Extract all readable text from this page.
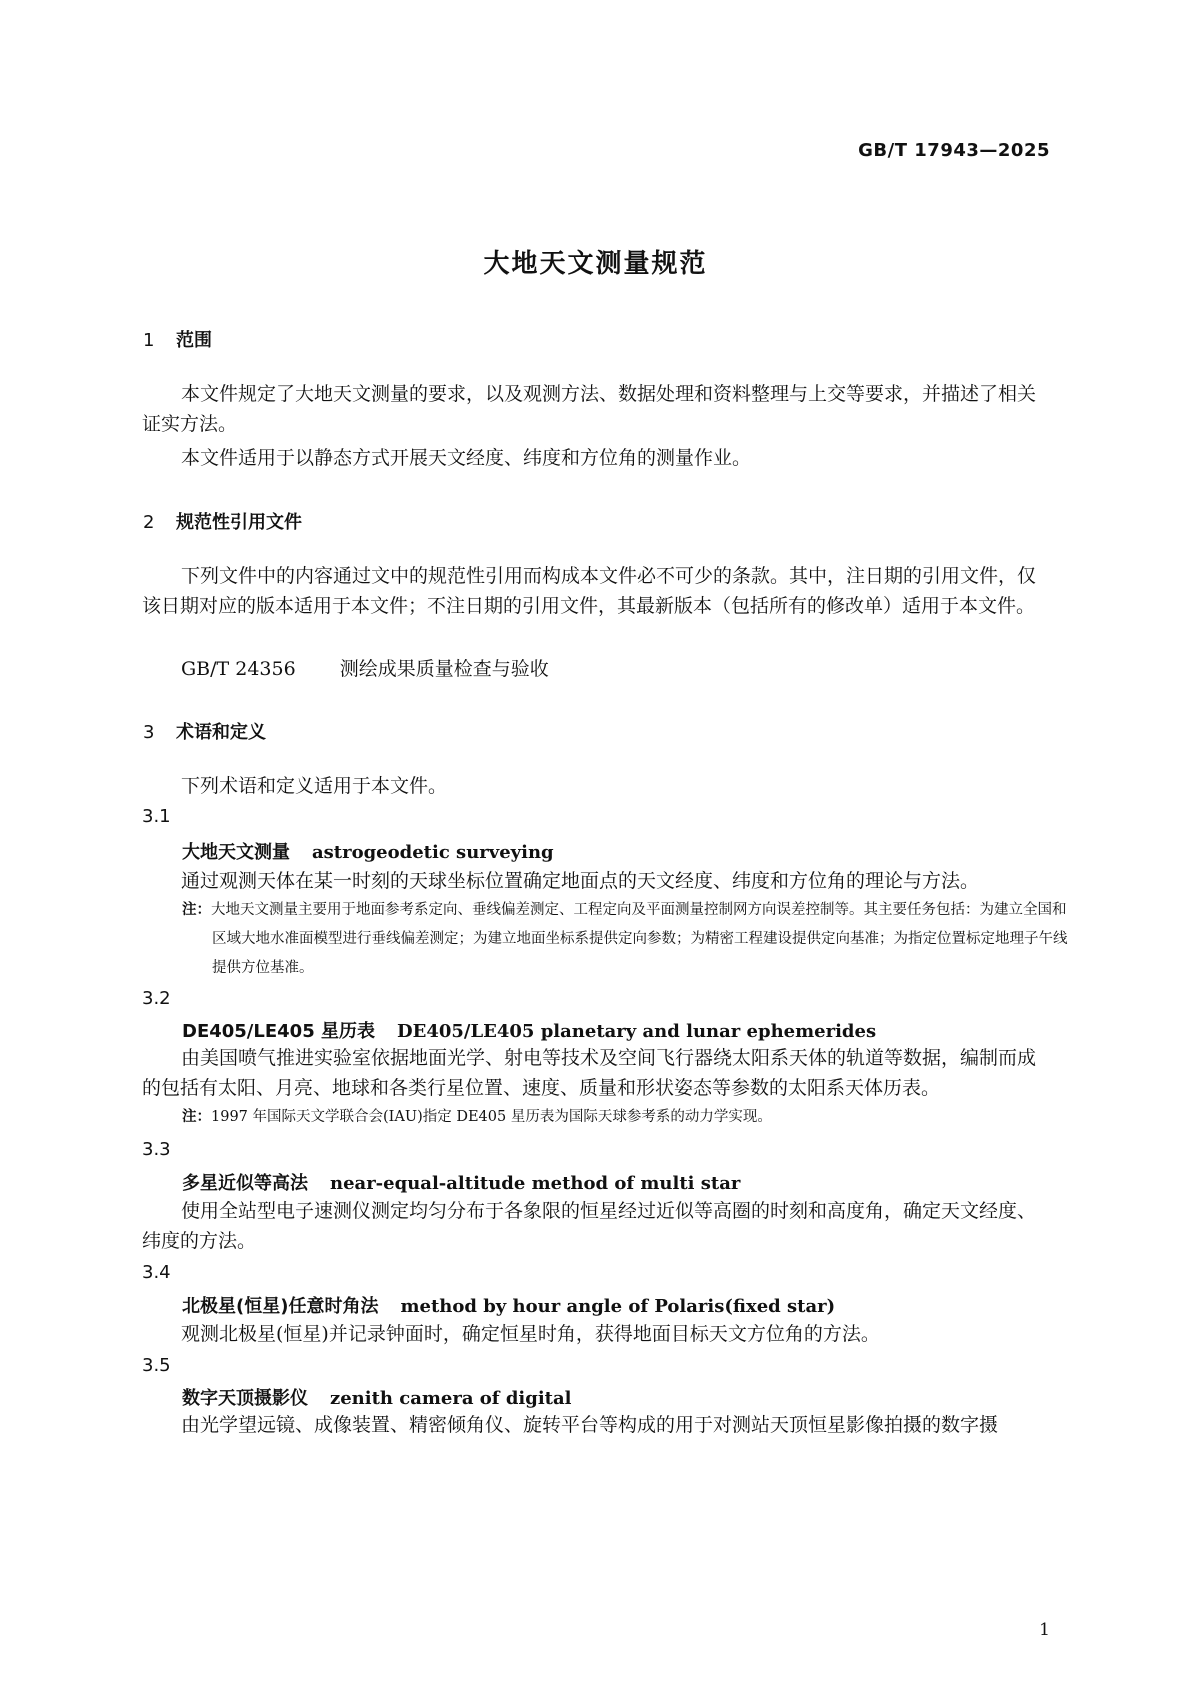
GB/T 17943—2025
大地天文测量规范
1 范围
本文件规定了大地天文测量的要求，以及观测方法、数据处理和资料整理与上交等要求，并描述了相关证实方法。
本文件适用于以静态方式开展天文经度、纬度和方位角的测量作业。
2 规范性引用文件
下列文件中的内容通过文中的规范性引用而构成本文件必不可少的条款。其中，注日期的引用文件，仅该日期对应的版本适用于本文件；不注日期的引用文件，其最新版本（包括所有的修改单）适用于本文件。
GB/T 24356 测绘成果质量检查与验收
3 术语和定义
下列术语和定义适用于本文件。
3.1
大地天文测量 astrogeodetic surveying
通过观测天体在某一时刻的天球坐标位置确定地面点的天文经度、纬度和方位角的理论与方法。
注：大地天文测量主要用于地面参考系定向、垂线偏差测定、工程定向及平面测量控制网方向误差控制等。其主要任务包括：为建立全国和区域大地水准面模型进行垂线偏差测定；为建立地面坐标系提供定向参数；为精密工程建设提供定向基准；为指定位置标定地理子午线提供方位基准。
3.2
DE405/LE405 星历表 DE405/LE405 planetary and lunar ephemerides
由美国喷气推进实验室依据地面光学、射电等技术及空间飞行器绕太阳系天体的轨道等数据，编制而成的包括有太阳、月亮、地球和各类行星位置、速度、质量和形状姿态等参数的太阳系天体历表。
注：1997 年国际天文学联合会(IAU)指定 DE405 星历表为国际天球参考系的动力学实现。
3.3
多星近似等高法 near-equal-altitude method of multi star
使用全站型电子速测仪测定均匀分布于各象限的恒星经过近似等高圈的时刻和高度角，确定天文经度、纬度的方法。
3.4
北极星(恒星)任意时角法 method by hour angle of Polaris(fixed star)
观测北极星(恒星)并记录钟面时，确定恒星时角，获得地面目标天文方位角的方法。
3.5
数字天顶摄影仪 zenith camera of digital
由光学望远镜、成像装置、精密倾角仪、旋转平台等构成的用于对测站天顶恒星影像拍摄的数字摄
1
